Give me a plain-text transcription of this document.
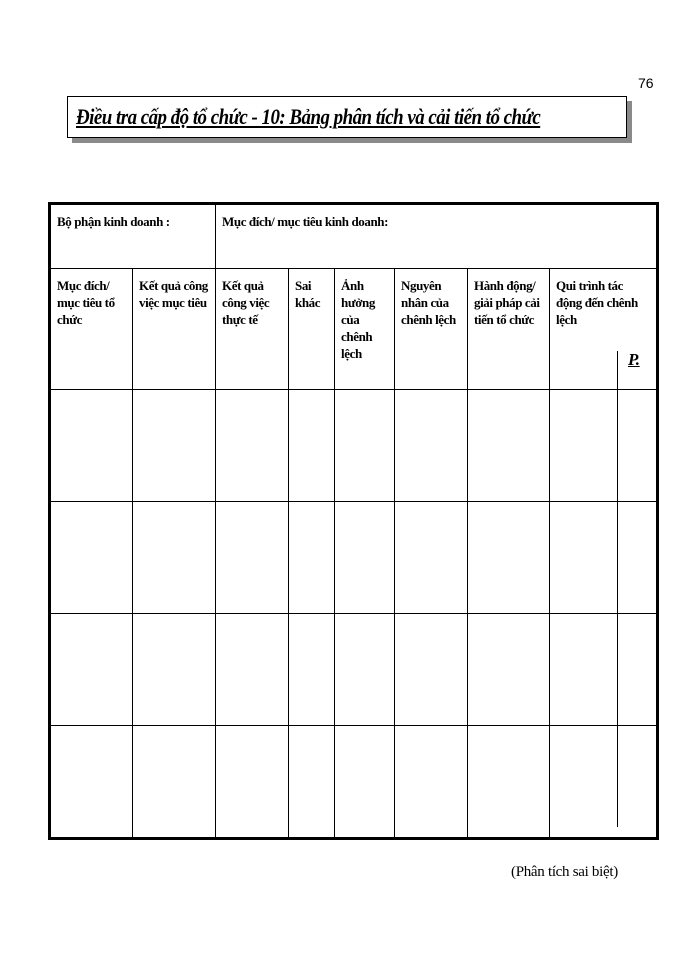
76
Điều tra cấp độ tổ chức - 10: Bảng phân tích và cải tiến tổ chức
Bộ phận kinh doanh :		Mục đích/ mục tiêu kinh doanh:					
Mục đích/ mục tiêu tổ chức	Kết quả công việc mục tiêu	Kết quả công việc thực tế	Sai khác	Ảnh hưởng của chênh lệch	Nguyên nhân của chênh lệch	Hành động/ giải pháp cải tiến tổ chức	Qui trình tác động đến chênh lệch
P.

(Phân tích sai biệt)
